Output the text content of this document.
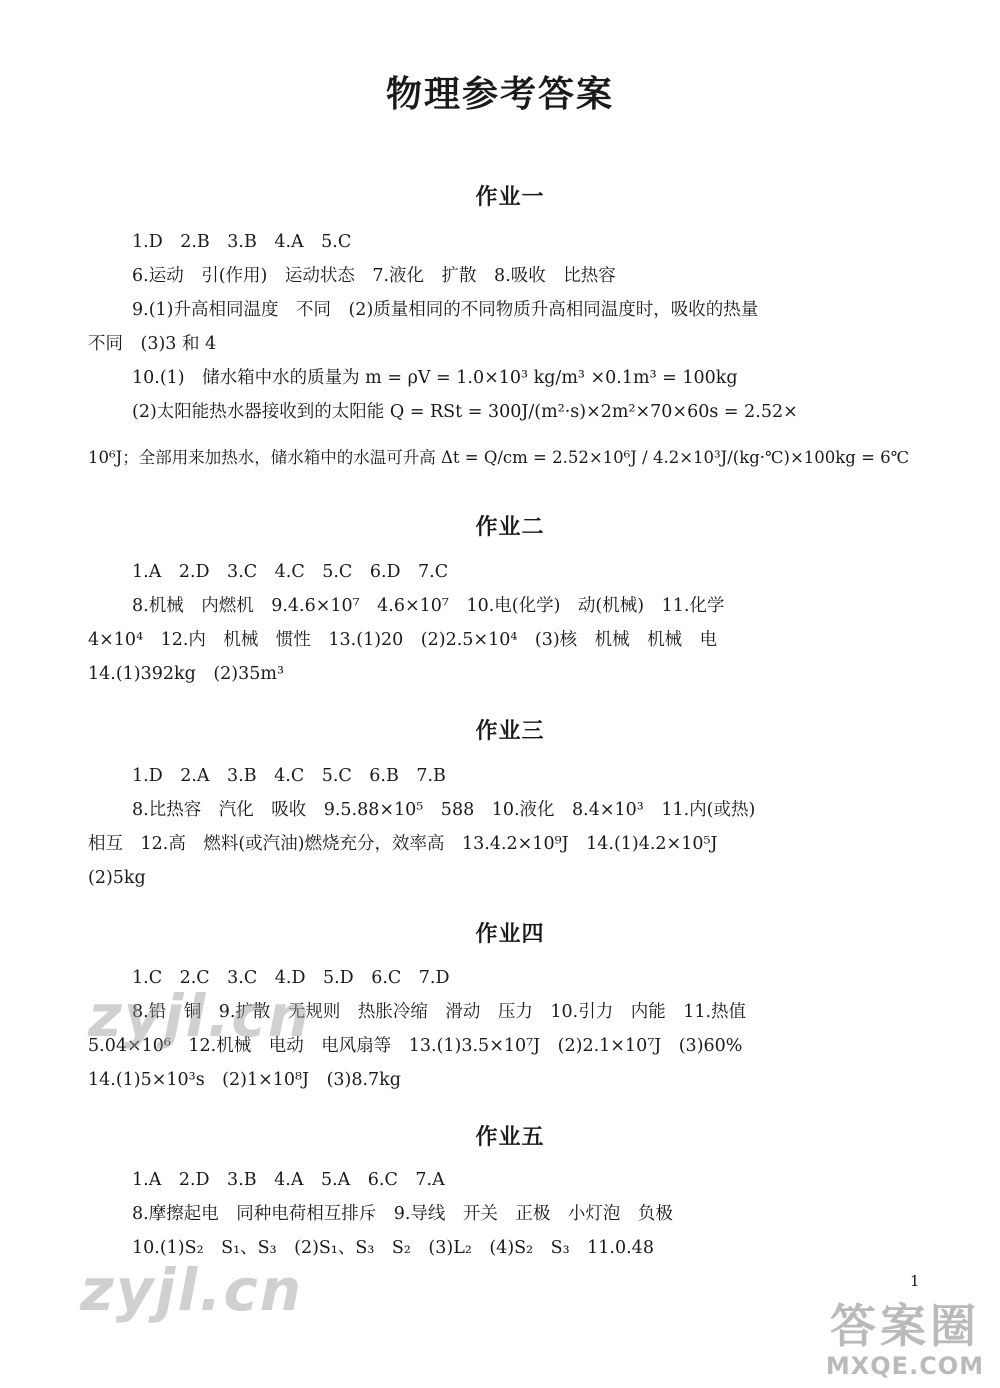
物理参考答案
作业一
1.D　2.B　3.B　4.A　5.C
6.运动　引(作用)　运动状态　7.液化　扩散　8.吸收　比热容
9.(1)升高相同温度　不同　(2)质量相同的不同物质升高相同温度时，吸收的热量
不同　(3)3 和 4
10.(1)　储水箱中水的质量为 m = ρV = 1.0×10³ kg/m³ ×0.1m³ = 100kg
(2)太阳能热水器接收到的太阳能 Q = RSt = 300J/(m²·s)×2m²×70×60s = 2.52×
10⁶J；全部用来加热水，储水箱中的水温可升高 Δt = Q/cm = 2.52×10⁶J / 4.2×10³J/(kg·℃)×100kg = 6℃
作业二
1.A　2.D　3.C　4.C　5.C　6.D　7.C
8.机械　内燃机　9.4.6×10⁷　4.6×10⁷　10.电(化学)　动(机械)　11.化学
4×10⁴　12.内　机械　惯性　13.(1)20　(2)2.5×10⁴　(3)核　机械　机械　电
14.(1)392kg　(2)35m³
作业三
1.D　2.A　3.B　4.C　5.C　6.B　7.B
8.比热容　汽化　吸收　9.5.88×10⁵　588　10.液化　8.4×10³　11.内(或热)
相互　12.高　燃料(或汽油)燃烧充分，效率高　13.4.2×10⁹J　14.(1)4.2×10⁵J
(2)5kg
作业四
1.C　2.C　3.C　4.D　5.D　6.C　7.D
8.铅　铜　9.扩散　无规则　热胀冷缩　滑动　压力　10.引力　内能　11.热值
5.04×10⁶　12.机械　电动　电风扇等　13.(1)3.5×10⁷J　(2)2.1×10⁷J　(3)60%
14.(1)5×10³s　(2)1×10⁸J　(3)8.7kg
作业五
1.A　2.D　3.B　4.A　5.A　6.C　7.A
8.摩擦起电　同种电荷相互排斥　9.导线　开关　正极　小灯泡　负极
10.(1)S₂　S₁、S₃　(2)S₁、S₃　S₂　(3)L₂　(4)S₂　S₃　11.0.48
1
zyjl.cn
zyjl.cn
答案圈
MXQE.COM
